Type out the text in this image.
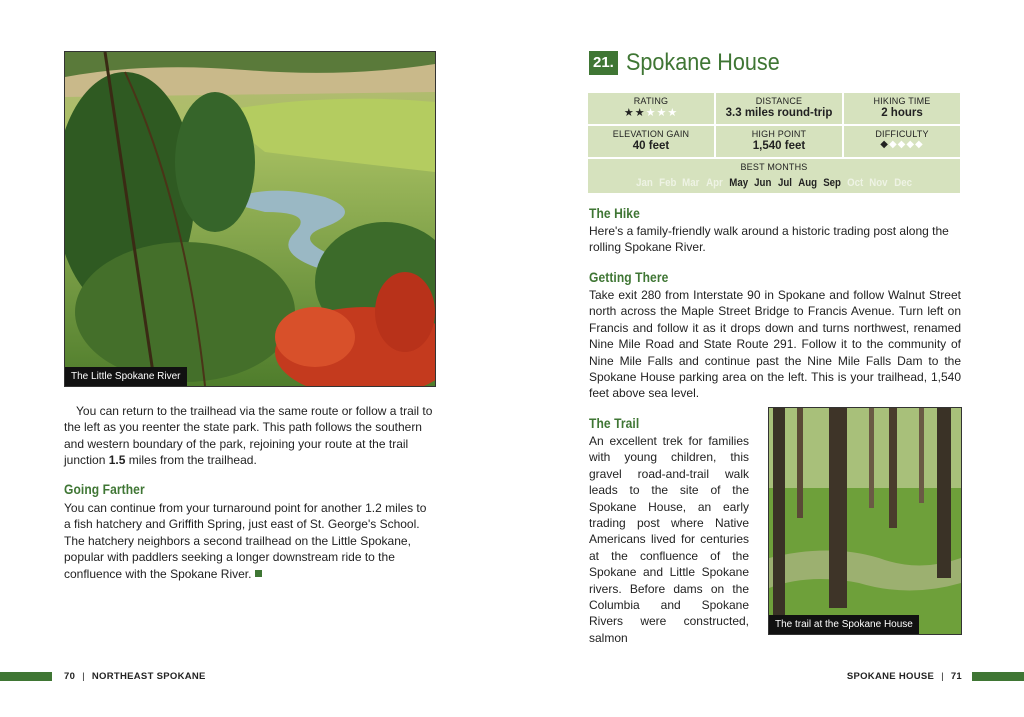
The Little Spokane River

You can return to the trailhead via the same route or follow a trail to the left as you reenter the state park. This path follows the southern and western boundary of the park, rejoining your route at the trail junction 1.5 miles from the trailhead.

Going Farther

You can continue from your turnaround point for another 1.2 miles to a fish hatchery and Griffith Spring, just east of St. George's School. The hatchery neighbors a second trailhead on the Little Spokane, popular with paddlers seeking a longer downstream ride to the confluence with the Spokane River.

70 | NORTHEAST SPOKANE
21. Spokane House
RATING
★★★★★
DISTANCE
3.3 miles round-trip
HIKING TIME
2 hours
ELEVATION GAIN
40 feet
HIGH POINT
1,540 feet
DIFFICULTY
◆◆◆◆◆
BEST MONTHS
Jan Feb Mar Apr May Jun Jul Aug Sep Oct Nov Dec
The Hike

Here's a family-friendly walk around a historic trading post along the rolling Spokane River.

Getting There

Take exit 280 from Interstate 90 in Spokane and follow Walnut Street north across the Maple Street Bridge to Francis Avenue. Turn left on Francis and follow it as it drops down and turns northwest, renamed Nine Mile Road and State Route 291. Follow it to the community of Nine Mile Falls and continue past the Nine Mile Falls Dam to the Spokane House parking area on the left. This is your trailhead, 1,540 feet above sea level.

The Trail

An excellent trek for families with young children, this gravel road-and-trail walk leads to the site of the Spokane House, an early trading post where Native Americans lived for centuries at the confluence of the Spokane and Little Spokane rivers. Before dams on the Columbia and Spokane Rivers were constructed, salmon

The trail at the Spokane House
SPOKANE HOUSE | 71
